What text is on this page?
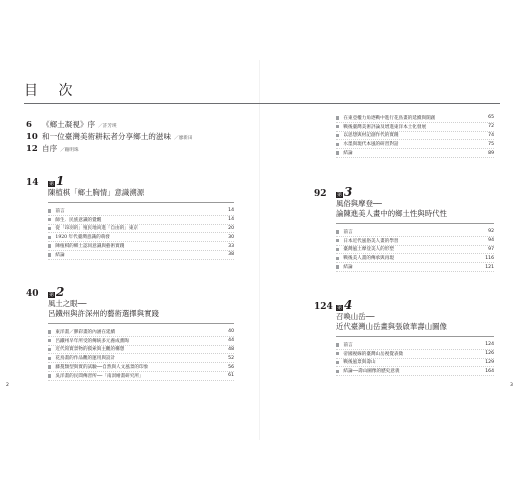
目 次
6	《鄉土凝視》序 ／許芳瑛
10 和一位臺灣美術耕耘者分享鄉土的滋味 ／廖新田
12 自序 ／賴明珠
14	第 1
陳植棋「鄉土胸情」意識溯源
前言	14
師生．民族意識的覺醒	14
從「昂羽的」殖民地尚進「自由的」東京	20
1920 年代臺灣意識的萌發	30
陳植棋的鄉土認同意識與藝術實踐	33
結論	38
40	第 2
風土之眼──
呂鐵州與許深州的藝術選擇與實踐
東洋畫／膠彩畫的內涵在延續	40
呂鐵州早年所受的傳統多元養成薰陶	44
近代寫實景物的摸索與主觀的構想	48
花鳥畫的作品觀的運用與設計	52
藤蔓類型與實的試驗──自然與人文風景的印象	56
吳洋畫的民間傳習所──「南溟繪畫研究所」	61
在東亞權力角逐戰中進行花鳥畫的延續與開創	65
戰後臺灣美術評論及增進東洋本土化發展	72
以思想與材記創作代的實踐	74
水墨與現代本風的研習對話	75
結論	89
92	第 3
風俗與摩登──
論陳進美人畫中的鄉土性與時代性
前言	92
日本近代風俗美人畫的學習	94
臺灣風土摩登美人的形塑	97
戰後美人畫的傳承與再現	116
結論	121
124 第 4
召喚山岳──
近代臺灣山岳畫與張啟華壽山圖像
前言	124
帝國視線的臺灣山岳視覺表徵	126
戰後風景與壽山	129
結論──壽山圖像的歷史意義	164
2	3
